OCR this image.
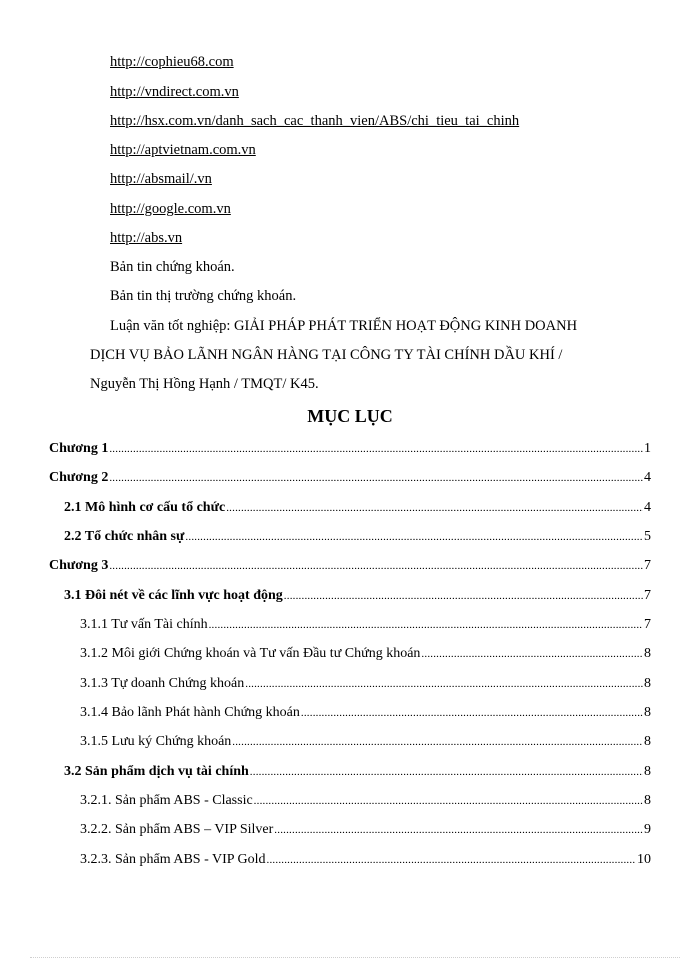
http://cophieu68.com
http://vndirect.com.vn
http://hsx.com.vn/danh_sach_cac_thanh_vien/ABS/chi_tieu_tai_chinh
http://aptvietnam.com.vn
http://absmail/.vn
http://google.com.vn
http://abs.vn
Bản tin chứng khoán.
Bản tin thị trường chứng khoán.
Luận văn tốt nghiệp: GIẢI PHÁP PHÁT TRIỂN HOẠT ĐỘNG KINH DOANH
DỊCH VỤ BẢO LÃNH NGÂN HÀNG TẠI CÔNG TY TÀI CHÍNH DẦU KHÍ /
Nguyễn Thị Hồng Hạnh / TMQT/ K45.
MỤC LỤC
Chương 1 .....	1
Chương 2 .....	4
2.1 Mô hình cơ cấu tổ chức .....	4
2.2 Tổ chức nhân sự .....	5
Chương 3 .....	7
3.1 Đôi nét về các lĩnh vực hoạt động .....	7
3.1.1 Tư vấn Tài chính .....	7
3.1.2 Môi giới Chứng khoán và Tư vấn Đầu tư Chứng khoán .....	8
3.1.3 Tự doanh Chứng khoán .....	8
3.1.4 Bảo lãnh Phát hành Chứng khoán .....	8
3.1.5 Lưu ký Chứng khoán .....	8
3.2 Sản phẩm dịch vụ tài chính .....	8
3.2.1. Sản phẩm ABS - Classic .....	8
3.2.2. Sản phẩm ABS – VIP Silver .....	9
3.2.3. Sản phẩm ABS - VIP Gold .....	10
